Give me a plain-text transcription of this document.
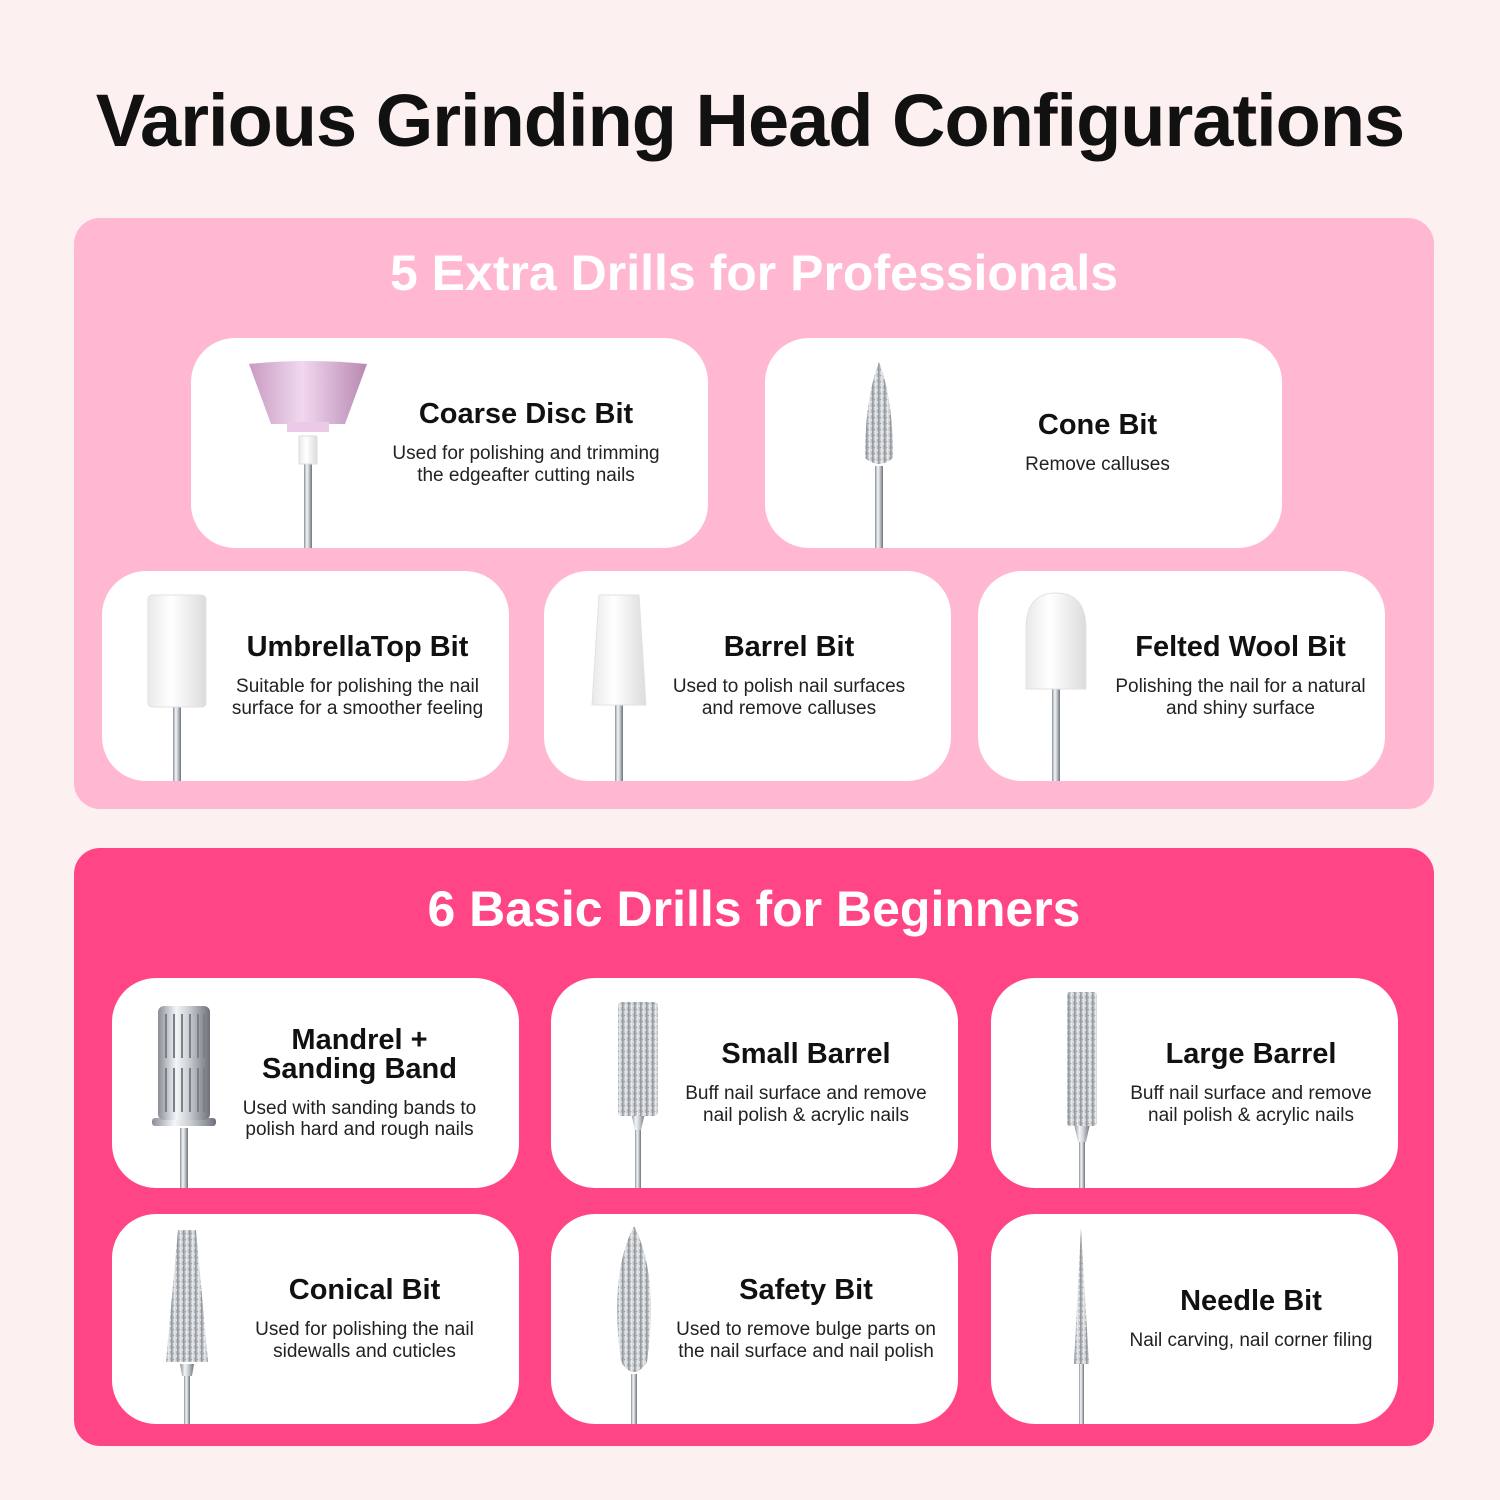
Various Grinding Head Configurations
5 Extra Drills for Professionals
Coarse Disc Bit
Used for polishing and trimming
the edgeafter cutting nails
Cone Bit
Remove calluses
UmbrellaTop Bit
Suitable for polishing the nail
surface for a smoother feeling
Barrel Bit
Used to polish nail surfaces
and remove calluses
Felted Wool Bit
Polishing the nail for a natural
and shiny surface
6 Basic Drills for Beginners
Mandrel +
Sanding Band
Used with sanding bands to
polish hard and rough nails
Small Barrel
Buff nail surface and remove
nail polish & acrylic nails
Large Barrel
Buff nail surface and remove
nail polish & acrylic nails
Conical Bit
Used for polishing the nail
sidewalls and cuticles
Safety Bit
Used to remove bulge parts on
the nail surface and nail polish
Needle Bit
Nail carving, nail corner filing
